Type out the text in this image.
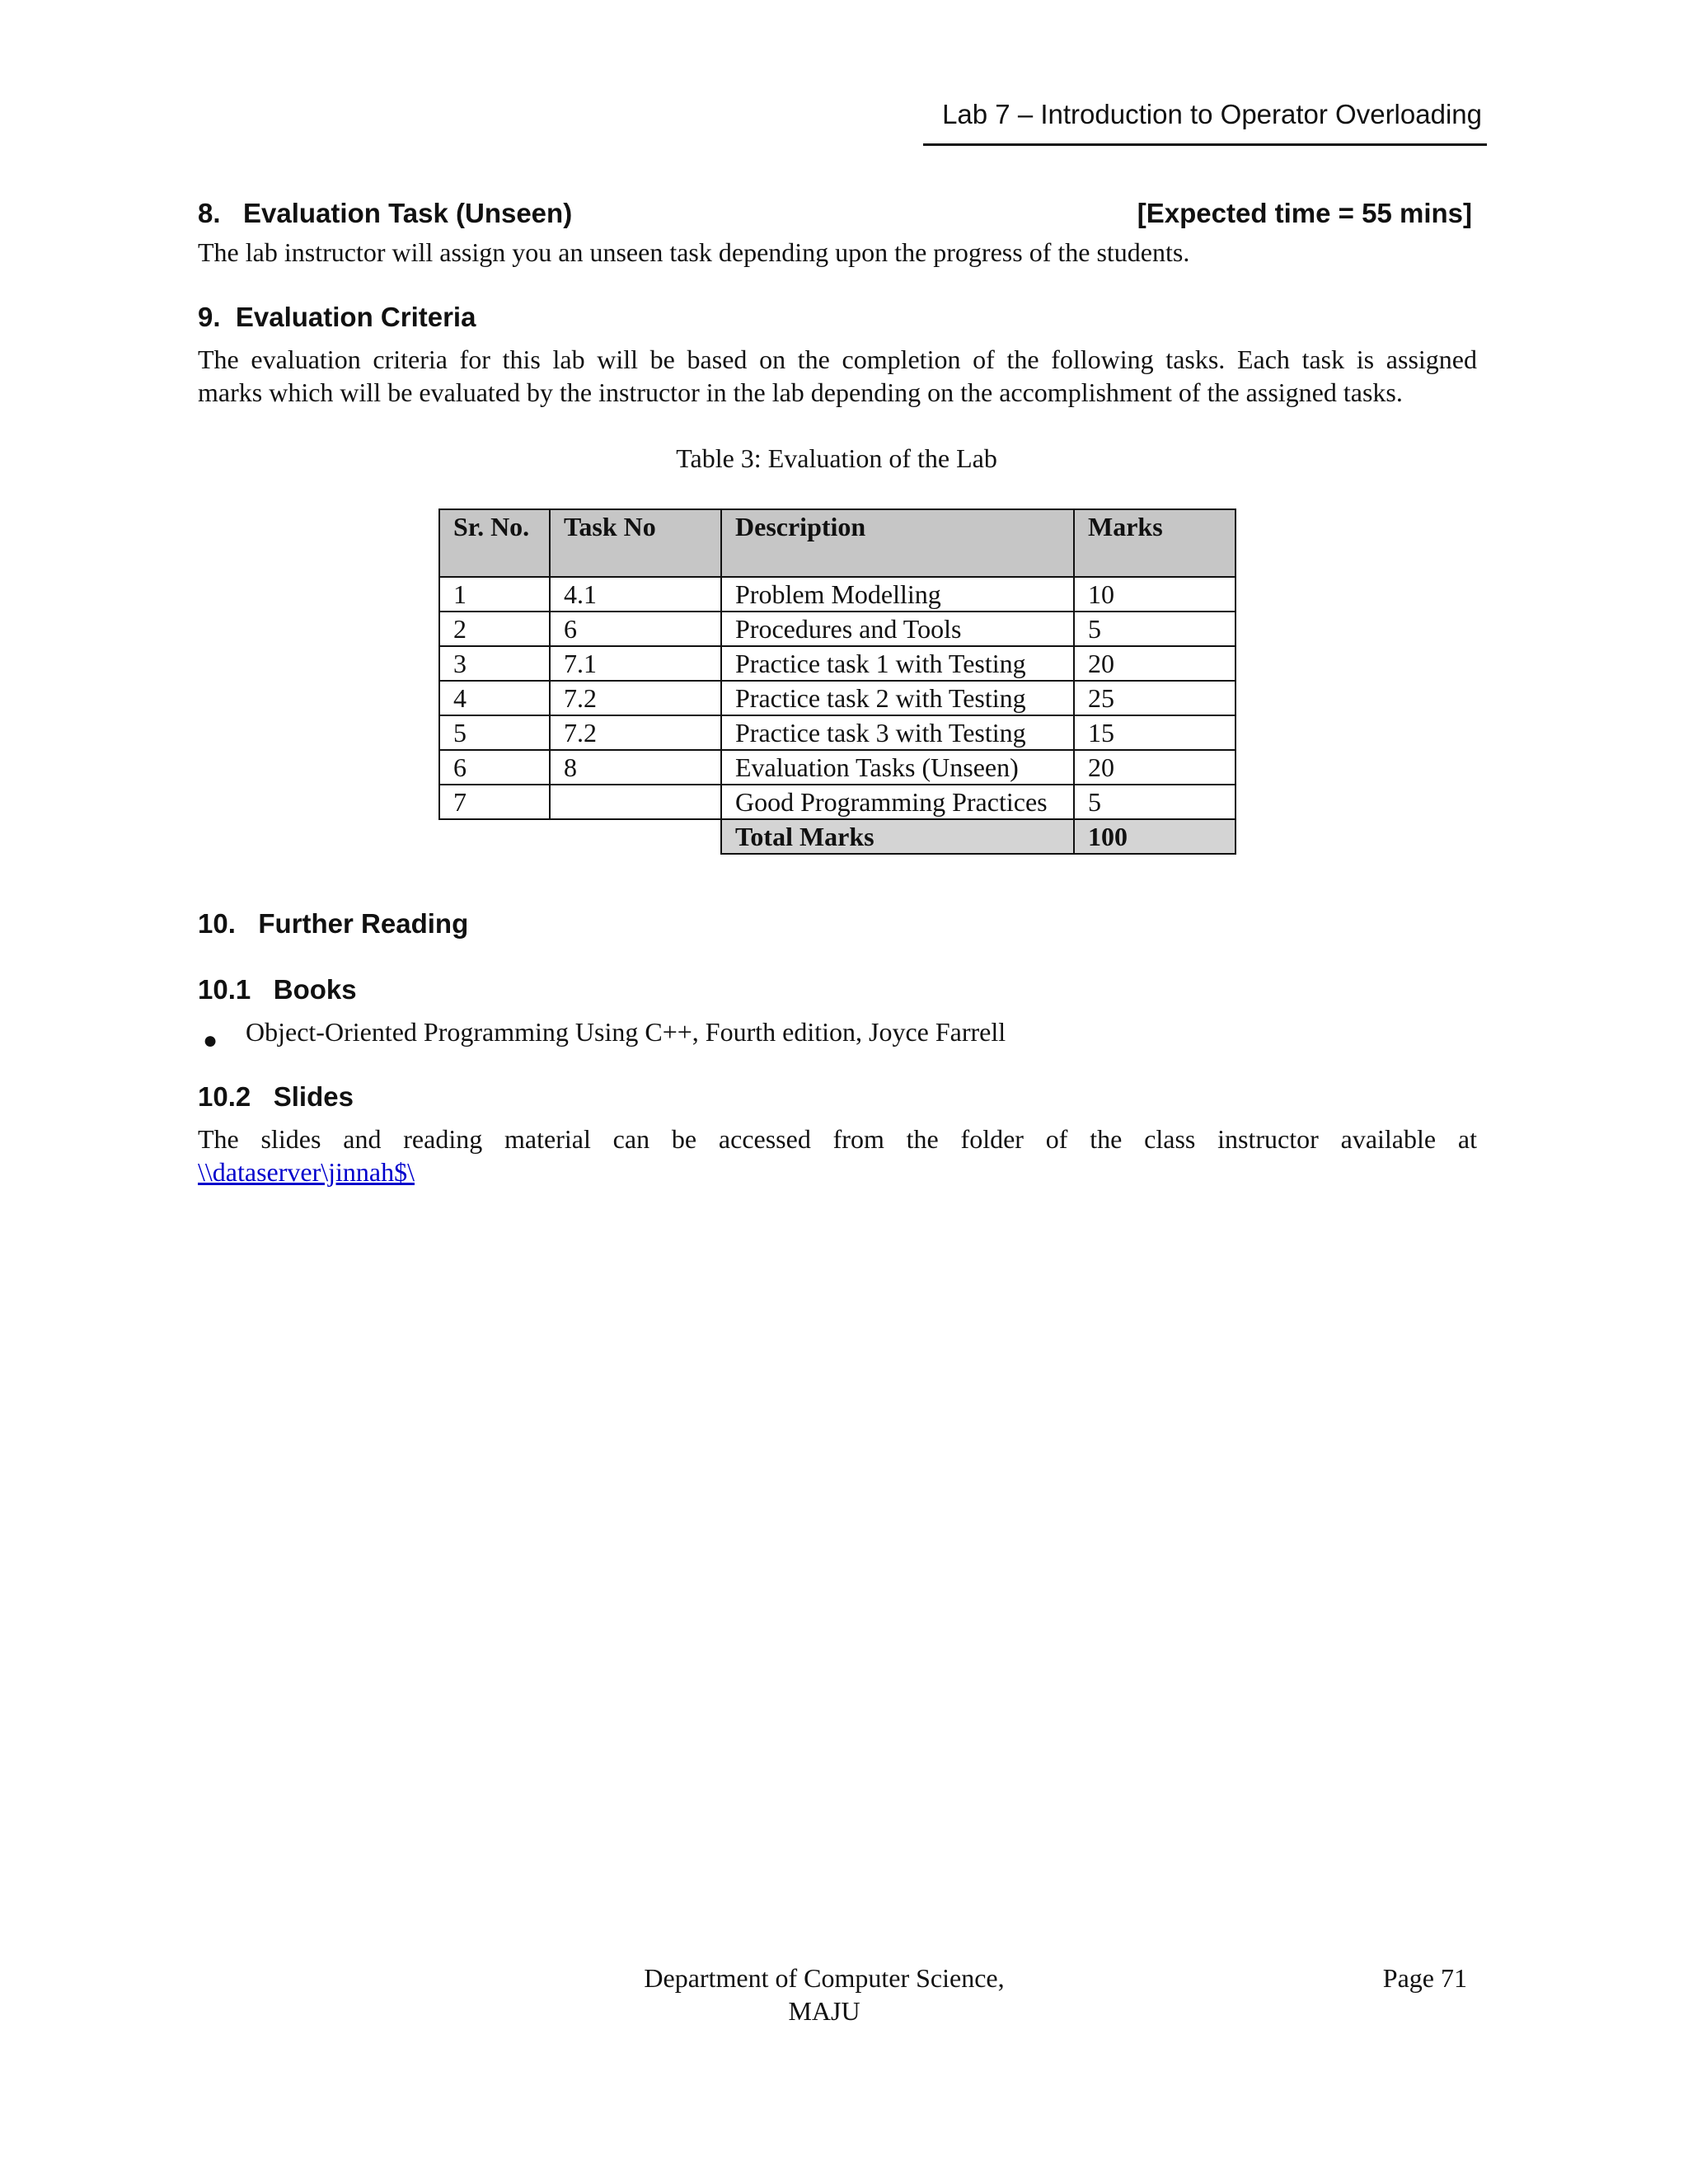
Lab 7 – Introduction to Operator Overloading
8.   Evaluation Task (Unseen)	[Expected time = 55 mins]
The lab instructor will assign you an unseen task depending upon the progress of the students.
9.  Evaluation Criteria
The evaluation criteria for this lab will be based on the completion of the following tasks. Each task is assigned
marks which will be evaluated by the instructor in the lab depending on the accomplishment of the assigned tasks.
Table 3: Evaluation of the Lab
Sr. No.	Task No	Description	Marks
1	4.1	Problem Modelling	10
2	6	Procedures and Tools	5
3	7.1	Practice task 1 with Testing	20
4	7.2	Practice task 2 with Testing	25
5	7.2	Practice task 3 with Testing	15
6	8	Evaluation Tasks (Unseen)	20
7		Good Programming Practices	5
		Total Marks	100
10.   Further Reading
10.1   Books
● Object-Oriented Programming Using C++, Fourth edition, Joyce Farrell
10.2   Slides
The slides and reading material can be accessed from the folder of the class instructor available at
\\dataserver\jinnah$\
Department of Computer Science,
MAJU
Page 71
